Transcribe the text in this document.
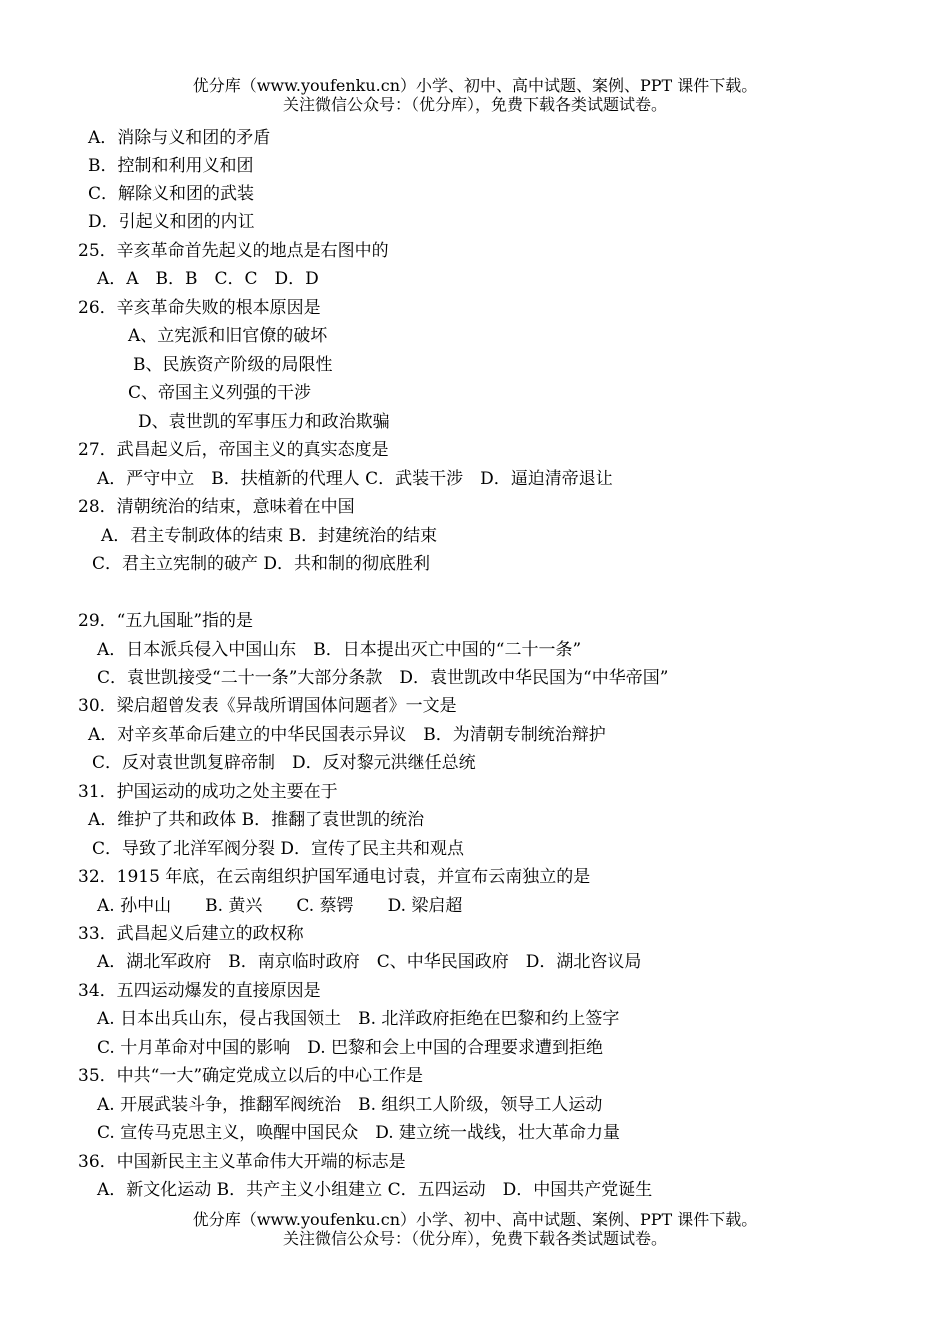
优分库（www.youfenku.cn）小学、初中、高中试题、案例、PPT 课件下载。
关注微信公众号：（优分库），免费下载各类试题试卷。
A．消除与义和团的矛盾
B．控制和利用义和团
C．解除义和团的武装
D．引起义和团的内讧
25．辛亥革命首先起义的地点是右图中的
A．A　B．B　C．C　D．D
26．辛亥革命失败的根本原因是
A、立宪派和旧官僚的破坏
B、民族资产阶级的局限性
C、帝国主义列强的干涉
D、袁世凯的军事压力和政治欺骗
27．武昌起义后，帝国主义的真实态度是
A．严守中立　B．扶植新的代理人 C．武装干涉　D．逼迫清帝退让
28．清朝统治的结束，意味着在中国
A．君主专制政体的结束 B．封建统治的结束
C．君主立宪制的破产 D．共和制的彻底胜利
29．“五九国耻”指的是
A．日本派兵侵入中国山东　B．日本提出灭亡中国的“二十一条”
C．袁世凯接受“二十一条”大部分条款　D．袁世凯改中华民国为“中华帝国”
30．梁启超曾发表《异哉所谓国体问题者》一文是
A．对辛亥革命后建立的中华民国表示异议　B．为清朝专制统治辩护
C．反对袁世凯复辟帝制　D．反对黎元洪继任总统
31．护国运动的成功之处主要在于
A．维护了共和政体 B．推翻了袁世凯的统治
C．导致了北洋军阀分裂 D．宣传了民主共和观点
32．1915 年底，在云南组织护国军通电讨袁，并宣布云南独立的是
A. 孙中山　　B. 黄兴　　C. 蔡锷　　D. 梁启超
33．武昌起义后建立的政权称
A．湖北军政府　B．南京临时政府　C、中华民国政府　D．湖北咨议局
34．五四运动爆发的直接原因是
A. 日本出兵山东，侵占我国领土　B. 北洋政府拒绝在巴黎和约上签字
C. 十月革命对中国的影响　D. 巴黎和会上中国的合理要求遭到拒绝
35．中共“一大”确定党成立以后的中心工作是
A. 开展武装斗争，推翻军阀统治　B. 组织工人阶级，领导工人运动
C. 宣传马克思主义，唤醒中国民众　D. 建立统一战线，壮大革命力量
36．中国新民主主义革命伟大开端的标志是
A．新文化运动 B．共产主义小组建立 C．五四运动　D．中国共产党诞生
优分库（www.youfenku.cn）小学、初中、高中试题、案例、PPT 课件下载。
关注微信公众号：（优分库），免费下载各类试题试卷。
